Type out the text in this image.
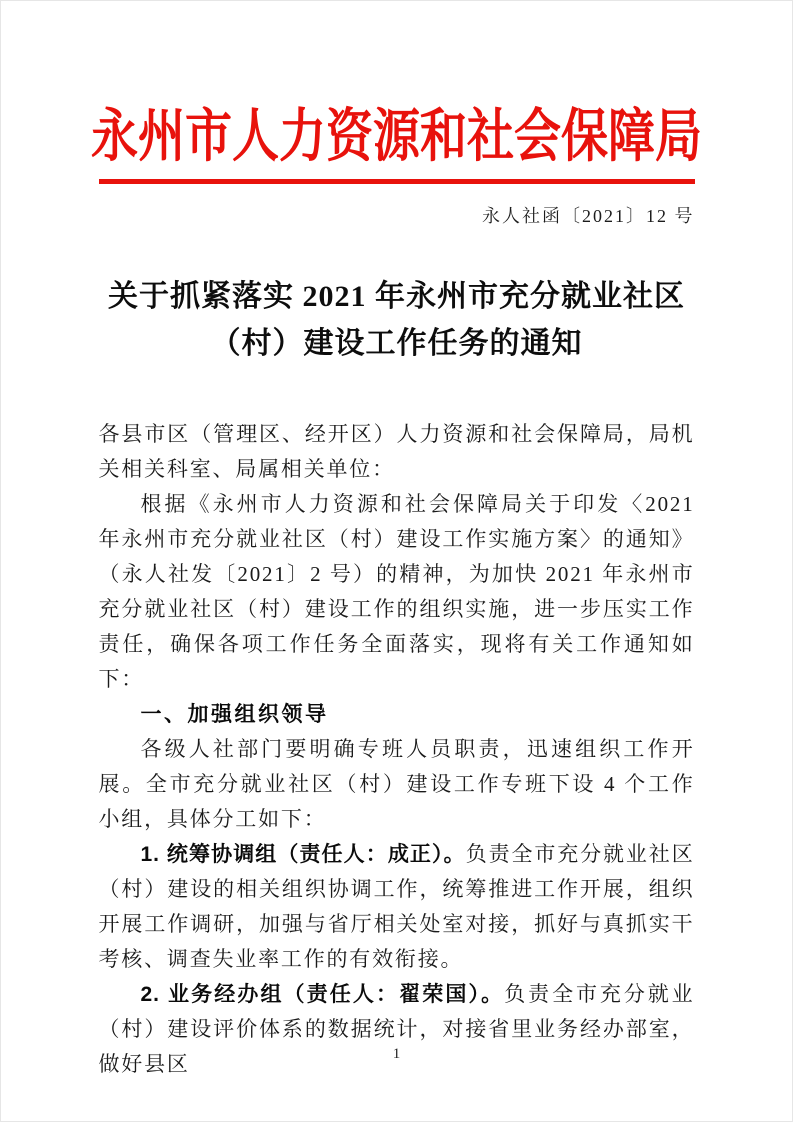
永州市人力资源和社会保障局
永人社函〔2021〕12 号
关于抓紧落实 2021 年永州市充分就业社区
（村）建设工作任务的通知

各县市区（管理区、经开区）人力资源和社会保障局，局机关相关科室、局属相关单位：

根据《永州市人力资源和社会保障局关于印发〈2021 年永州市充分就业社区（村）建设工作实施方案〉的通知》（永人社发〔2021〕2 号）的精神，为加快 2021 年永州市充分就业社区（村）建设工作的组织实施，进一步压实工作责任，确保各项工作任务全面落实，现将有关工作通知如下：

一、加强组织领导

各级人社部门要明确专班人员职责，迅速组织工作开展。全市充分就业社区（村）建设工作专班下设 4 个工作小组，具体分工如下：

1. 统筹协调组（责任人：成正）。负责全市充分就业社区（村）建设的相关组织协调工作，统筹推进工作开展，组织开展工作调研，加强与省厅相关处室对接，抓好与真抓实干考核、调查失业率工作的有效衔接。

2. 业务经办组（责任人：翟荣国）。负责全市充分就业（村）建设评价体系的数据统计，对接省里业务经办部室，做好县区	1
